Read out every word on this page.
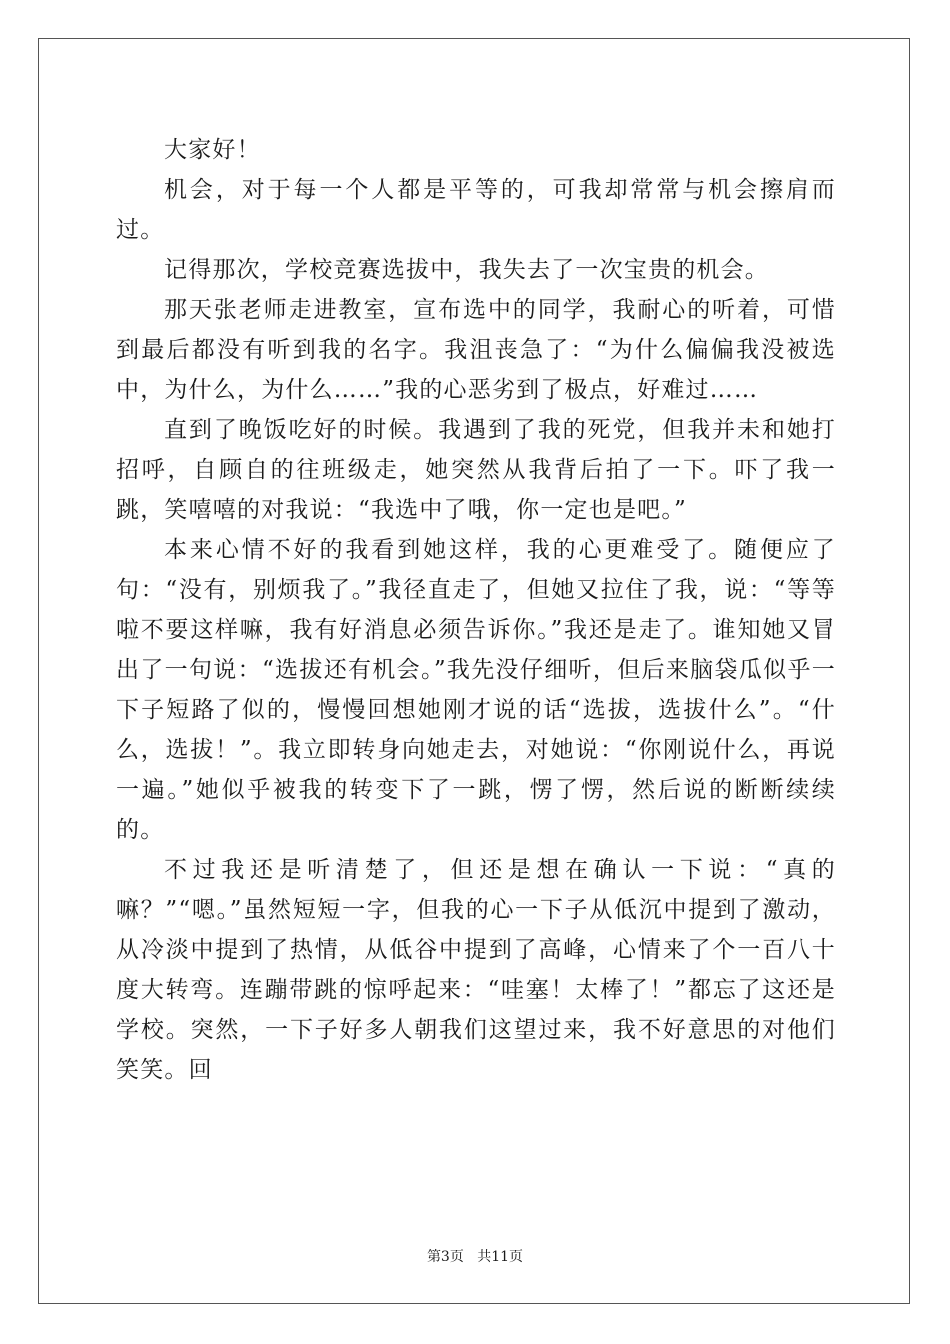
大家好！

机会，对于每一个人都是平等的，可我却常常与机会擦肩而过。

记得那次，学校竞赛选拔中，我失去了一次宝贵的机会。

那天张老师走进教室，宣布选中的同学，我耐心的听着，可惜到最后都没有听到我的名字。我沮丧急了：“为什么偏偏我没被选中，为什么，为什么……”我的心恶劣到了极点，好难过……

直到了晚饭吃好的时候。我遇到了我的死党，但我并未和她打招呼，自顾自的往班级走，她突然从我背后拍了一下。吓了我一跳，笑嘻嘻的对我说：“我选中了哦，你一定也是吧。”

本来心情不好的我看到她这样，我的心更难受了。随便应了句：“没有，别烦我了。”我径直走了，但她又拉住了我，说：“等等啦不要这样嘛，我有好消息必须告诉你。”我还是走了。谁知她又冒出了一句说：“选拔还有机会。”我先没仔细听，但后来脑袋瓜似乎一下子短路了似的，慢慢回想她刚才说的话“选拔，选拔什么”。“什么，选拔！”。我立即转身向她走去，对她说：“你刚说什么，再说一遍。”她似乎被我的转变下了一跳，愣了愣，然后说的断断续续的。

不过我还是听清楚了，但还是想在确认一下说：“真的嘛？”“嗯。”虽然短短一字，但我的心一下子从低沉中提到了激动，从冷淡中提到了热情，从低谷中提到了高峰，心情来了个一百八十度大转弯。连蹦带跳的惊呼起来：“哇塞！太棒了！”都忘了这还是学校。突然，一下子好多人朝我们这望过来，我不好意思的对他们笑笑。回

第3页 共11页
